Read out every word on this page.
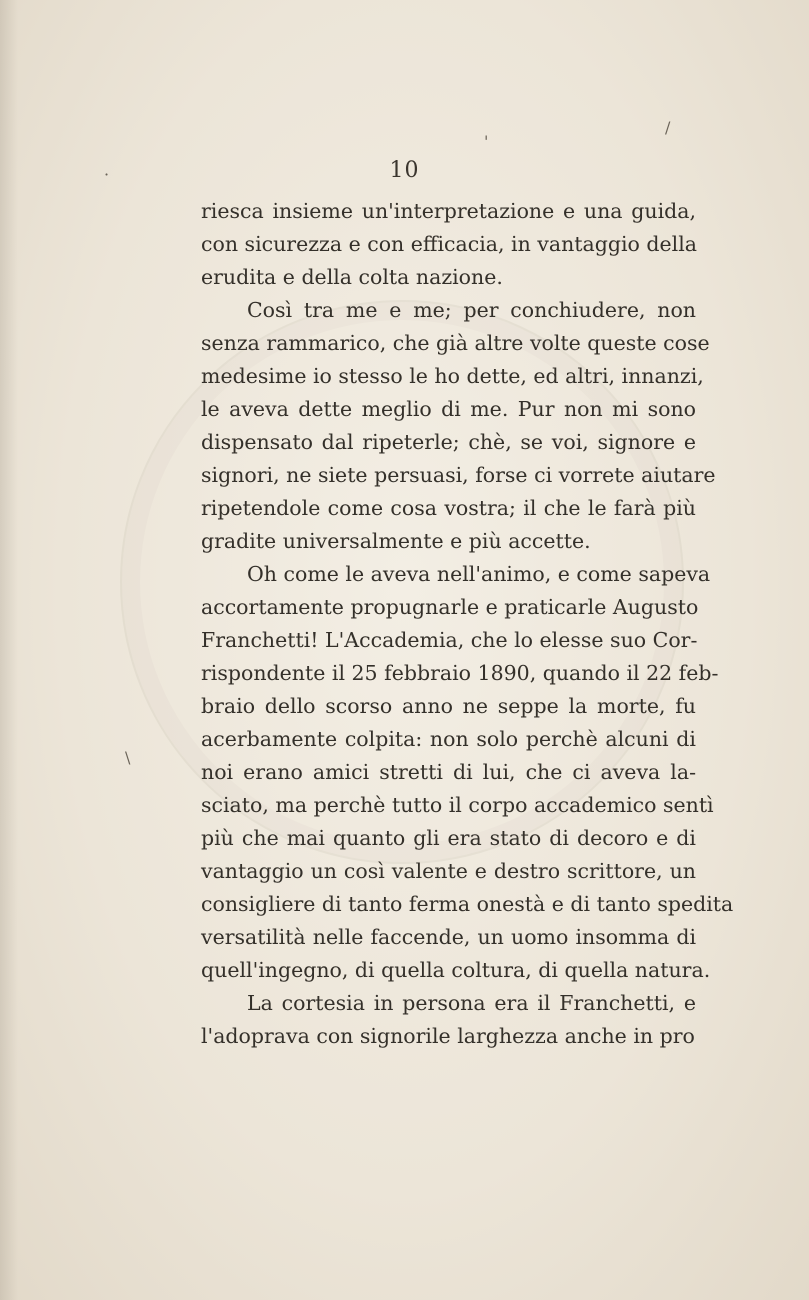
/
'
·
\
10
riesca insieme un'interpretazione e una guida,
con sicurezza e con efficacia, in vantaggio della
erudita e della colta nazione.
Così tra me e me; per conchiudere, non
senza rammarico, che già altre volte queste cose
medesime io stesso le ho dette, ed altri, innanzi,
le aveva dette meglio di me. Pur non mi sono
dispensato dal ripeterle; chè, se voi, signore e
signori, ne siete persuasi, forse ci vorrete aiutare
ripetendole come cosa vostra; il che le farà più
gradite universalmente e più accette.
Oh come le aveva nell'animo, e come sapeva
accortamente propugnarle e praticarle Augusto
Franchetti! L'Accademia, che lo elesse suo Cor-
rispondente il 25 febbraio 1890, quando il 22 feb-
braio dello scorso anno ne seppe la morte, fu
acerbamente colpita: non solo perchè alcuni di
noi erano amici stretti di lui, che ci aveva la-
sciato, ma perchè tutto il corpo accademico sentì
più che mai quanto gli era stato di decoro e di
vantaggio un così valente e destro scrittore, un
consigliere di tanto ferma onestà e di tanto spedita
versatilità nelle faccende, un uomo insomma di
quell'ingegno, di quella coltura, di quella natura.
La cortesia in persona era il Franchetti, e
l'adoprava con signorile larghezza anche in pro
